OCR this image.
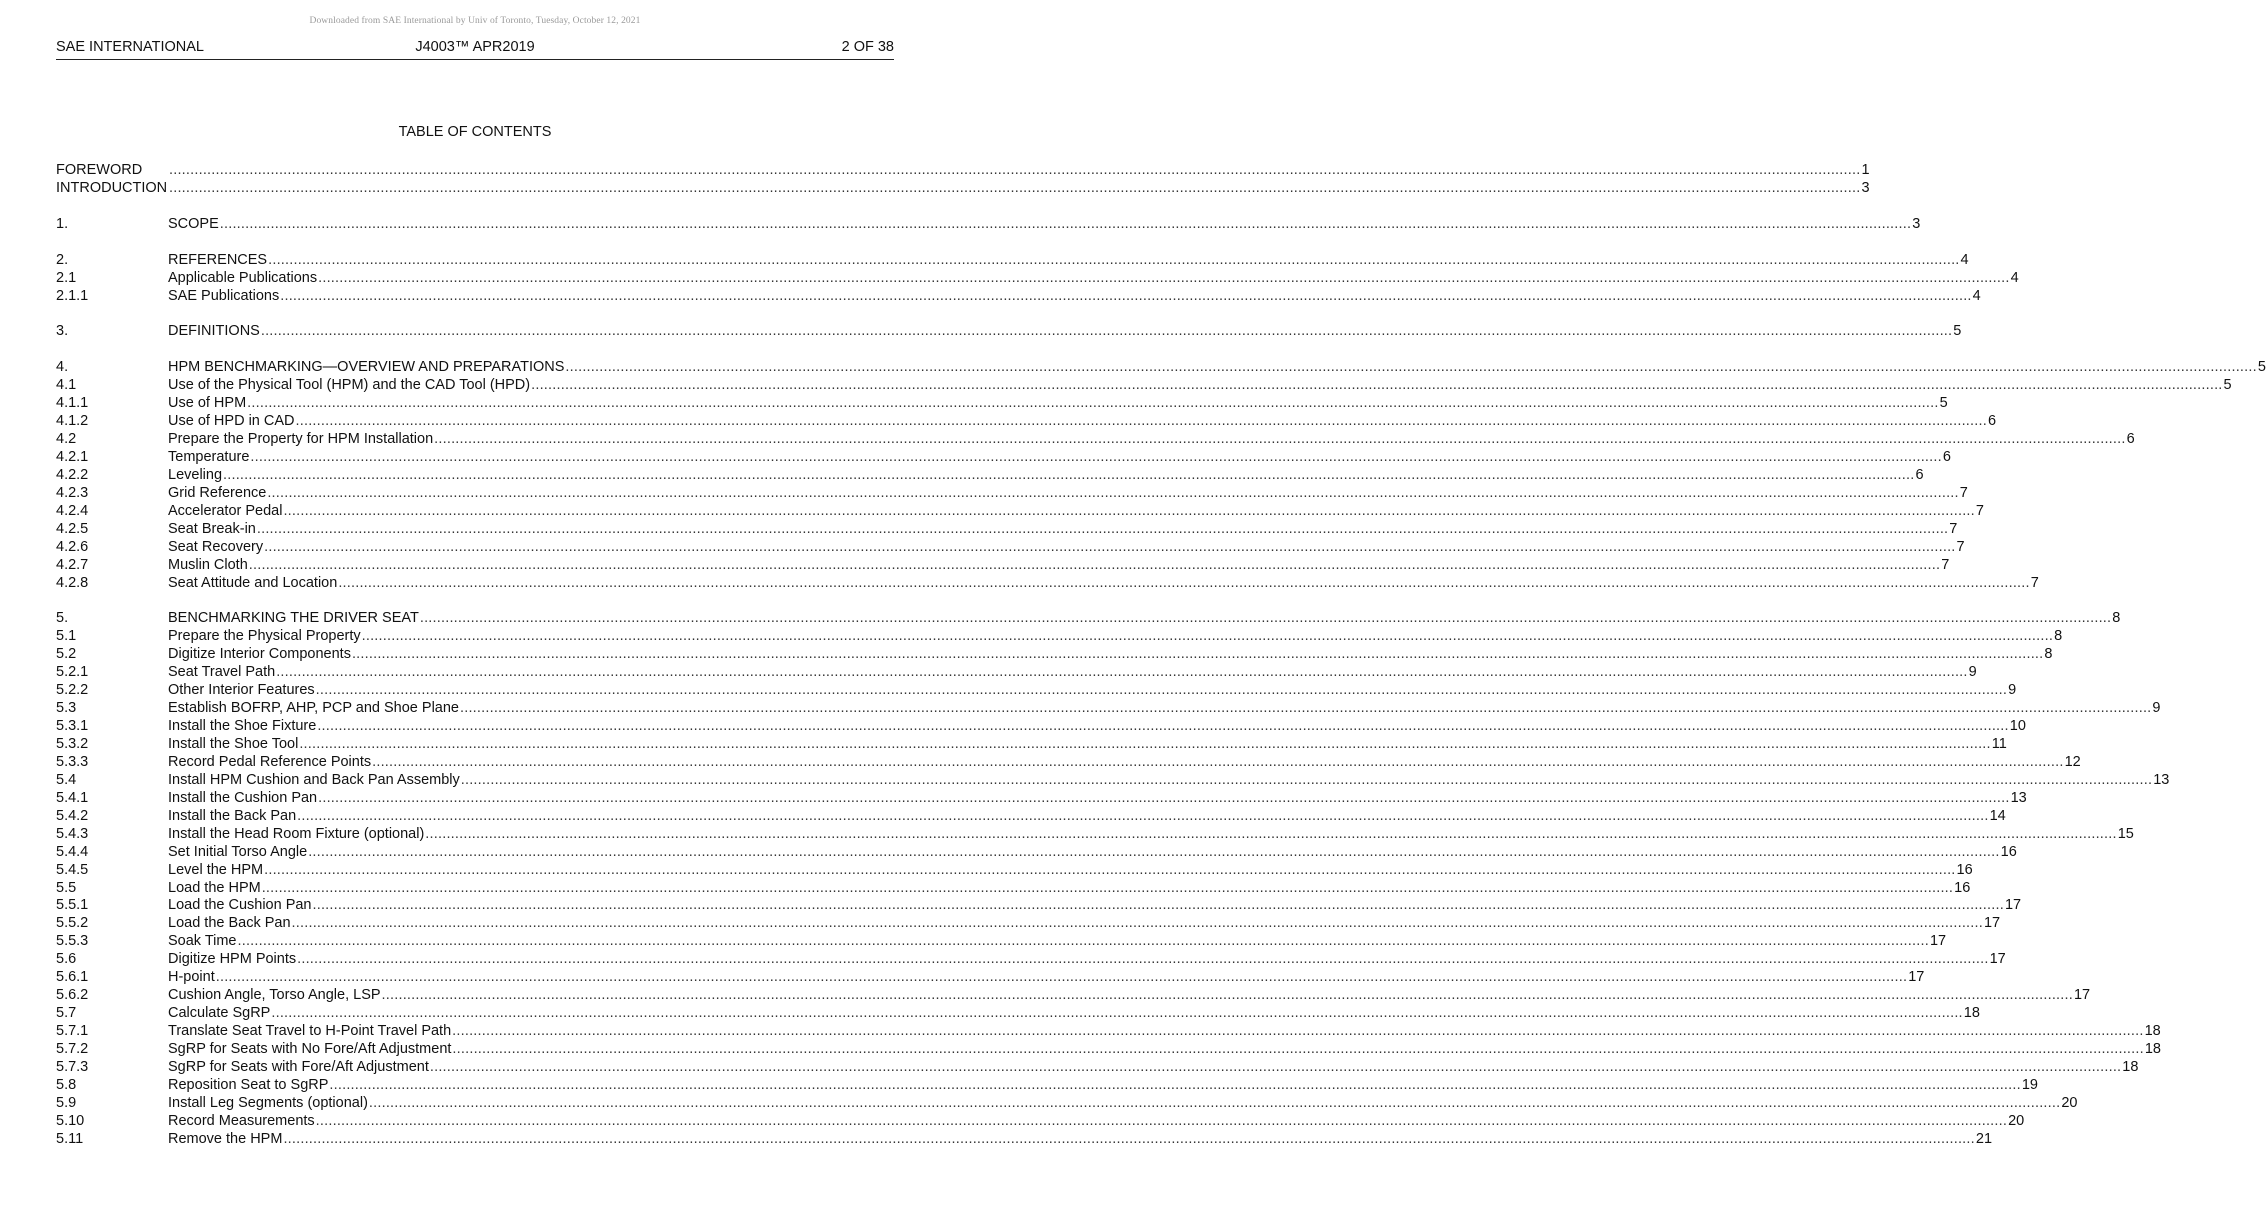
Downloaded from SAE International by Univ of Toronto, Tuesday, October 12, 2021
SAE INTERNATIONAL	J4003™ APR2019	2 OF 38
TABLE OF CONTENTS
FOREWORD	................................................................................................................................................................................................................................................................................................................................................................................................................ 1
INTRODUCTION ................................................................................................................................................................................................................................................................................................................................................................................................................ 3
1.	SCOPE ................................................................................................................................................................................................................................................................................................................................................................................................................ 3
2.	REFERENCES ................................................................................................................................................................................................................................................................................................................................................................................................................ 4
2.1	Applicable Publications ................................................................................................................................................................................................................................................................................................................................................................................................................ 4
2.1.1	SAE Publications ................................................................................................................................................................................................................................................................................................................................................................................................................ 4
3.	DEFINITIONS ................................................................................................................................................................................................................................................................................................................................................................................................................ 5
4.	HPM BENCHMARKING—OVERVIEW AND PREPARATIONS ................................................................................................................................................................................................................................................................................................................................................................................................................ 5
4.1	Use of the Physical Tool (HPM) and the CAD Tool (HPD) ................................................................................................................................................................................................................................................................................................................................................................................................................ 5
4.1.1	Use of HPM ................................................................................................................................................................................................................................................................................................................................................................................................................ 5
4.1.2	Use of HPD in CAD ................................................................................................................................................................................................................................................................................................................................................................................................................ 6
4.2	Prepare the Property for HPM Installation ................................................................................................................................................................................................................................................................................................................................................................................................................ 6
4.2.1	Temperature ................................................................................................................................................................................................................................................................................................................................................................................................................ 6
4.2.2	Leveling ................................................................................................................................................................................................................................................................................................................................................................................................................ 6
4.2.3	Grid Reference ................................................................................................................................................................................................................................................................................................................................................................................................................ 7
4.2.4	Accelerator Pedal ................................................................................................................................................................................................................................................................................................................................................................................................................ 7
4.2.5	Seat Break-in ................................................................................................................................................................................................................................................................................................................................................................................................................ 7
4.2.6	Seat Recovery ................................................................................................................................................................................................................................................................................................................................................................................................................ 7
4.2.7	Muslin Cloth ................................................................................................................................................................................................................................................................................................................................................................................................................ 7
4.2.8	Seat Attitude and Location ................................................................................................................................................................................................................................................................................................................................................................................................................ 7
5.	BENCHMARKING THE DRIVER SEAT ................................................................................................................................................................................................................................................................................................................................................................................................................ 8
5.1	Prepare the Physical Property ................................................................................................................................................................................................................................................................................................................................................................................................................ 8
5.2	Digitize Interior Components ................................................................................................................................................................................................................................................................................................................................................................................................................ 8
5.2.1	Seat Travel Path ................................................................................................................................................................................................................................................................................................................................................................................................................ 9
5.2.2	Other Interior Features ................................................................................................................................................................................................................................................................................................................................................................................................................ 9
5.3	Establish BOFRP, AHP, PCP and Shoe Plane ................................................................................................................................................................................................................................................................................................................................................................................................................ 9
5.3.1	Install the Shoe Fixture ................................................................................................................................................................................................................................................................................................................................................................................................................ 10
5.3.2	Install the Shoe Tool ................................................................................................................................................................................................................................................................................................................................................................................................................ 11
5.3.3	Record Pedal Reference Points ................................................................................................................................................................................................................................................................................................................................................................................................................ 12
5.4	Install HPM Cushion and Back Pan Assembly ................................................................................................................................................................................................................................................................................................................................................................................................................ 13
5.4.1	Install the Cushion Pan ................................................................................................................................................................................................................................................................................................................................................................................................................ 13
5.4.2	Install the Back Pan ................................................................................................................................................................................................................................................................................................................................................................................................................ 14
5.4.3	Install the Head Room Fixture (optional) ................................................................................................................................................................................................................................................................................................................................................................................................................ 15
5.4.4	Set Initial Torso Angle ................................................................................................................................................................................................................................................................................................................................................................................................................ 16
5.4.5	Level the HPM ................................................................................................................................................................................................................................................................................................................................................................................................................ 16
5.5	Load the HPM ................................................................................................................................................................................................................................................................................................................................................................................................................ 16
5.5.1	Load the Cushion Pan ................................................................................................................................................................................................................................................................................................................................................................................................................ 17
5.5.2	Load the Back Pan ................................................................................................................................................................................................................................................................................................................................................................................................................ 17
5.5.3	Soak Time ................................................................................................................................................................................................................................................................................................................................................................................................................ 17
5.6	Digitize HPM Points ................................................................................................................................................................................................................................................................................................................................................................................................................ 17
5.6.1	H-point ................................................................................................................................................................................................................................................................................................................................................................................................................ 17
5.6.2	Cushion Angle, Torso Angle, LSP ................................................................................................................................................................................................................................................................................................................................................................................................................ 17
5.7	Calculate SgRP ................................................................................................................................................................................................................................................................................................................................................................................................................ 18
5.7.1	Translate Seat Travel to H-Point Travel Path ................................................................................................................................................................................................................................................................................................................................................................................................................ 18
5.7.2	SgRP for Seats with No Fore/Aft Adjustment ................................................................................................................................................................................................................................................................................................................................................................................................................ 18
5.7.3	SgRP for Seats with Fore/Aft Adjustment ................................................................................................................................................................................................................................................................................................................................................................................................................ 18
5.8	Reposition Seat to SgRP ................................................................................................................................................................................................................................................................................................................................................................................................................ 19
5.9	Install Leg Segments (optional) ................................................................................................................................................................................................................................................................................................................................................................................................................ 20
5.10	Record Measurements ................................................................................................................................................................................................................................................................................................................................................................................................................ 20
5.11	Remove the HPM ................................................................................................................................................................................................................................................................................................................................................................................................................ 21
